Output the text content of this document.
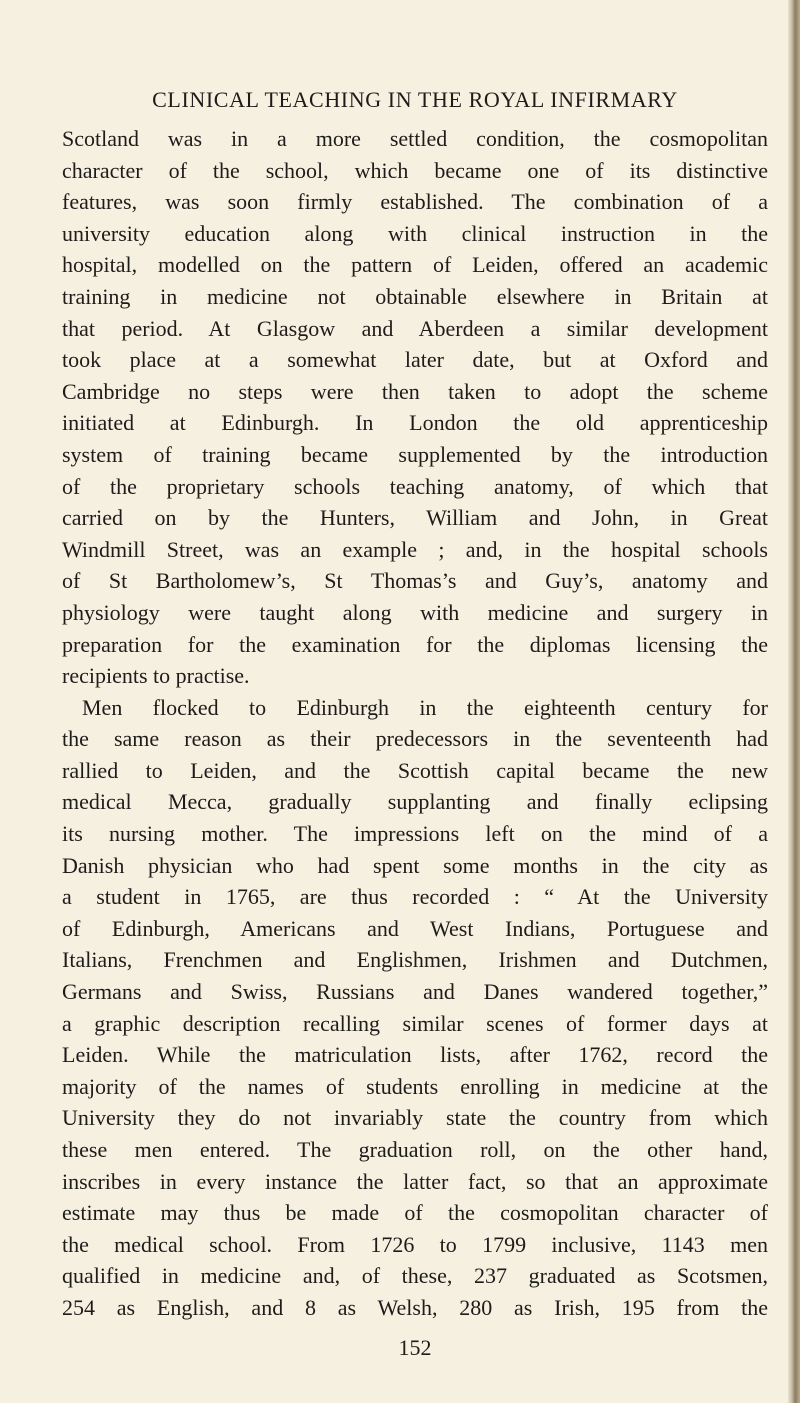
CLINICAL TEACHING IN THE ROYAL INFIRMARY
Scotland was in a more settled condition, the cosmopolitan
character of the school, which became one of its distinctive
features, was soon firmly established. The combination of a
university education along with clinical instruction in the
hospital, modelled on the pattern of Leiden, offered an academic
training in medicine not obtainable elsewhere in Britain at
that period. At Glasgow and Aberdeen a similar development
took place at a somewhat later date, but at Oxford and
Cambridge no steps were then taken to adopt the scheme
initiated at Edinburgh. In London the old apprenticeship
system of training became supplemented by the introduction
of the proprietary schools teaching anatomy, of which that
carried on by the Hunters, William and John, in Great
Windmill Street, was an example ; and, in the hospital schools
of St Bartholomew’s, St Thomas’s and Guy’s, anatomy and
physiology were taught along with medicine and surgery in
preparation for the examination for the diplomas licensing the
recipients to practise.
Men flocked to Edinburgh in the eighteenth century for
the same reason as their predecessors in the seventeenth had
rallied to Leiden, and the Scottish capital became the new
medical Mecca, gradually supplanting and finally eclipsing
its nursing mother. The impressions left on the mind of a
Danish physician who had spent some months in the city as
a student in 1765, are thus recorded : “ At the University
of Edinburgh, Americans and West Indians, Portuguese and
Italians, Frenchmen and Englishmen, Irishmen and Dutchmen,
Germans and Swiss, Russians and Danes wandered together,”
a graphic description recalling similar scenes of former days at
Leiden. While the matriculation lists, after 1762, record the
majority of the names of students enrolling in medicine at the
University they do not invariably state the country from which
these men entered. The graduation roll, on the other hand,
inscribes in every instance the latter fact, so that an approximate
estimate may thus be made of the cosmopolitan character of
the medical school. From 1726 to 1799 inclusive, 1143 men
qualified in medicine and, of these, 237 graduated as Scotsmen,
254 as English, and 8 as Welsh, 280 as Irish, 195 from the
152
